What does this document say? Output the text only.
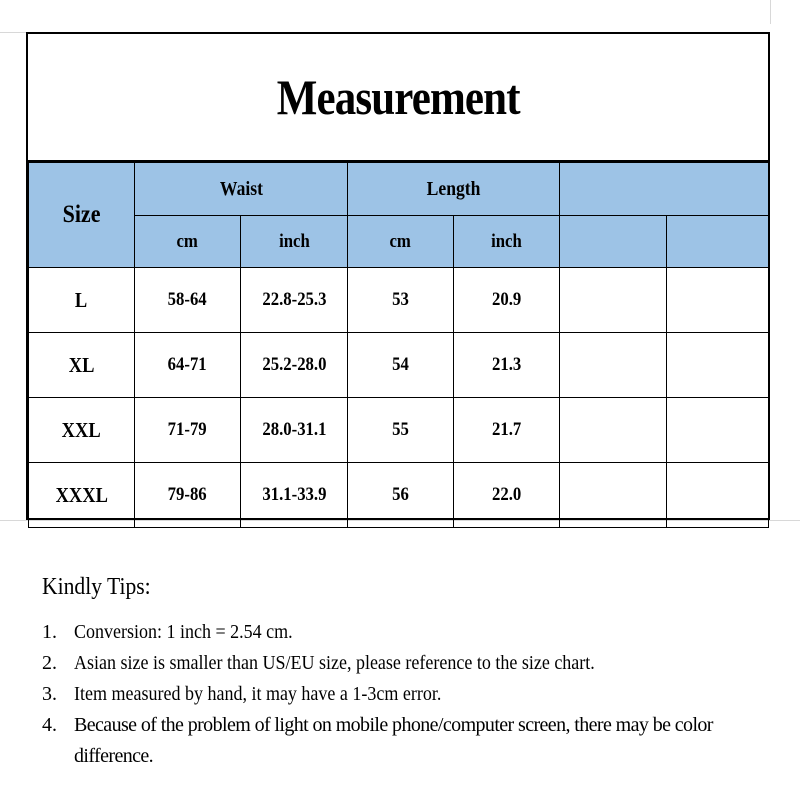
Measurement
Size	Waist		Length			
	cm	inch	cm	inch		
L	58-64	22.8-25.3	53	20.9		
XL	64-71	25.2-28.0	54	21.3		
XXL	71-79	28.0-31.1	55	21.7		
XXXL	79-86	31.1-33.9	56	22.0		
Kindly Tips:
1. Conversion: 1 inch = 2.54 cm.
2. Asian size is smaller than US/EU size, please reference to the size chart.
3. Item measured by hand, it may have a 1-3cm error.
4. Because of the problem of light on mobile phone/computer screen, there may be color difference.
